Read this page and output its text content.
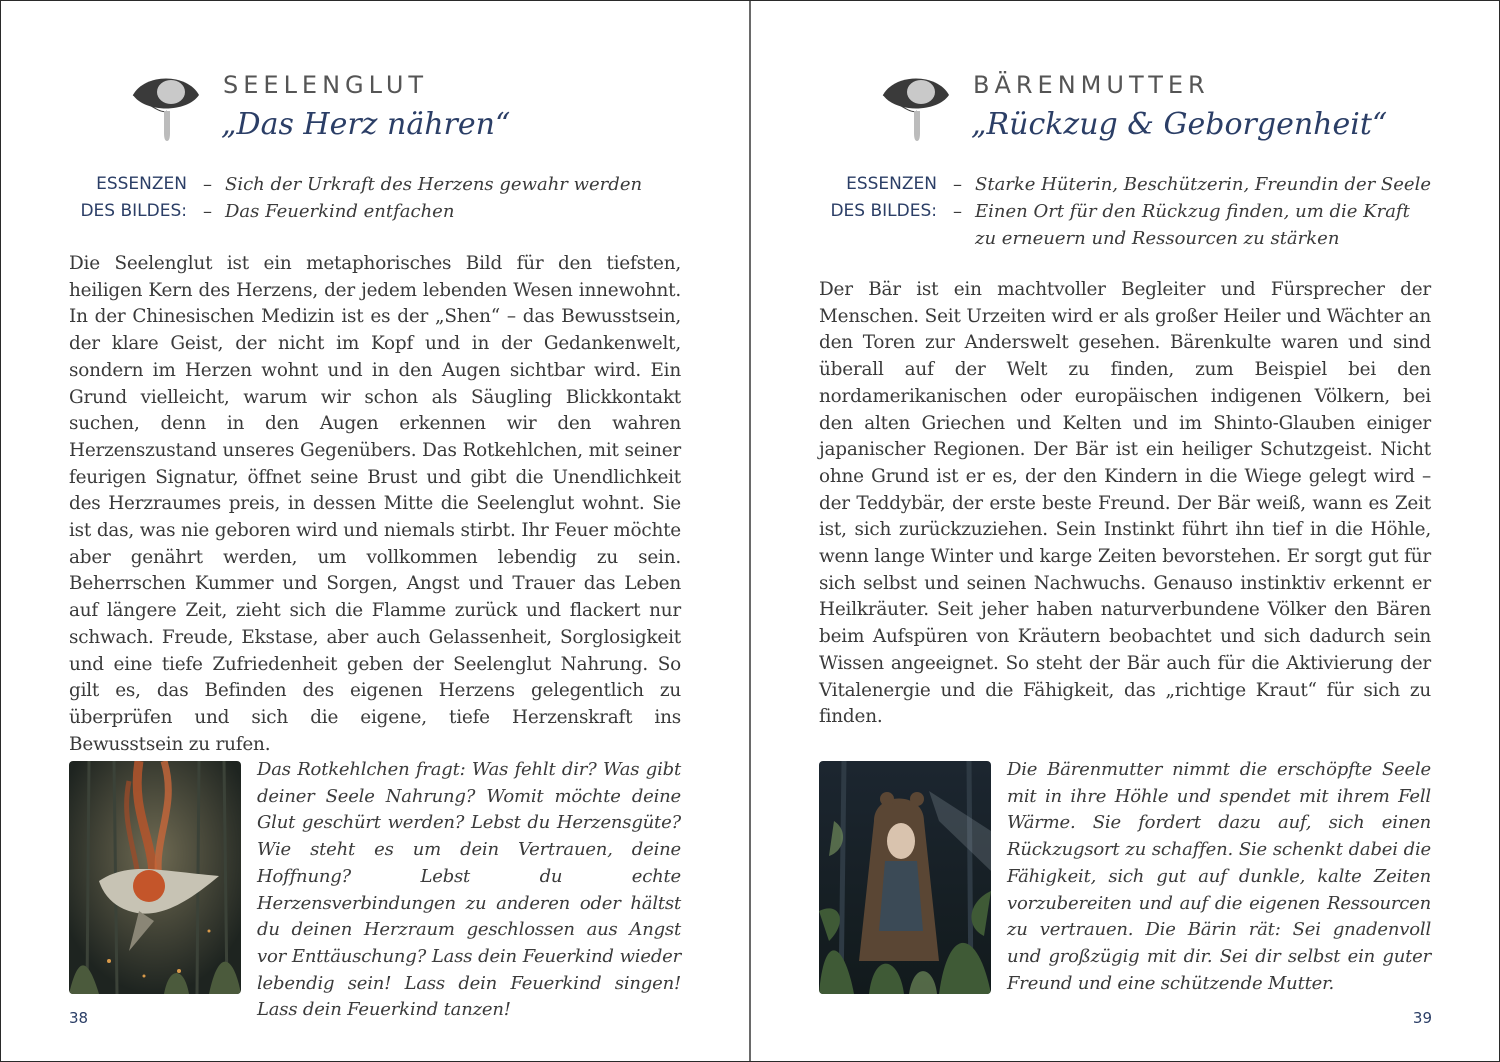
SEELENGLUT
„Das Herz nähren“
ESSENZEN
DES BILDES:
– Sich der Urkraft des Herzens gewahr werden
– Das Feuerkind entfachen

Die Seelenglut ist ein metaphorisches Bild für den tiefsten, heiligen Kern des Herzens, der jedem lebenden Wesen innewohnt. In der Chinesischen Medizin ist es der „Shen“ – das Bewusstsein, der klare Geist, der nicht im Kopf und in der Gedankenwelt, sondern im Herzen wohnt und in den Augen sichtbar wird. Ein Grund vielleicht, warum wir schon als Säugling Blickkontakt suchen, denn in den Augen erkennen wir den wahren Herzenszustand unseres Gegenübers. Das Rotkehlchen, mit seiner feurigen Signatur, öffnet seine Brust und gibt die Unendlichkeit des Herzraumes preis, in dessen Mitte die Seelenglut wohnt. Sie ist das, was nie geboren wird und niemals stirbt. Ihr Feuer möchte aber genährt werden, um vollkommen lebendig zu sein. Beherrschen Kummer und Sorgen, Angst und Trauer das Leben auf längere Zeit, zieht sich die Flamme zurück und flackert nur schwach. Freude, Ekstase, aber auch Gelassenheit, Sorglosigkeit und eine tiefe Zufriedenheit geben der Seelenglut Nahrung. So gilt es, das Befinden des eigenen Herzens gelegentlich zu überprüfen und sich die eigene, tiefe Herzenskraft ins Bewusstsein zu rufen.

Das Rotkehlchen fragt: Was fehlt dir? Was gibt deiner Seele Nahrung? Womit möchte deine Glut geschürt werden? Lebst du Herzensgüte? Wie steht es um dein Vertrauen, deine Hoffnung? Lebst du echte Herzensverbindungen zu anderen oder hältst du deinen Herzraum geschlossen aus Angst vor Enttäuschung? Lass dein Feuerkind wieder lebendig sein! Lass dein Feuerkind singen! Lass dein Feuerkind tanzen!

38
BÄRENMUTTER
„Rückzug & Geborgenheit“
ESSENZEN
DES BILDES:
– Starke Hüterin, Beschützerin, Freundin der Seele
– Einen Ort für den Rückzug finden, um die Kraft zu erneuern und Ressourcen zu stärken

Der Bär ist ein machtvoller Begleiter und Fürsprecher der Menschen. Seit Urzeiten wird er als großer Heiler und Wächter an den Toren zur Anderswelt gesehen. Bärenkulte waren und sind überall auf der Welt zu finden, zum Beispiel bei den nordamerikanischen oder europäischen indigenen Völkern, bei den alten Griechen und Kelten und im Shinto-Glauben einiger japanischer Regionen. Der Bär ist ein heiliger Schutzgeist. Nicht ohne Grund ist er es, der den Kindern in die Wiege gelegt wird – der Teddybär, der erste beste Freund. Der Bär weiß, wann es Zeit ist, sich zurückzuziehen. Sein Instinkt führt ihn tief in die Höhle, wenn lange Winter und karge Zeiten bevorstehen. Er sorgt gut für sich selbst und seinen Nachwuchs. Genauso instinktiv erkennt er Heilkräuter. Seit jeher haben naturverbundene Völker den Bären beim Aufspüren von Kräutern beobachtet und sich dadurch sein Wissen angeeignet. So steht der Bär auch für die Aktivierung der Vitalenergie und die Fähigkeit, das „richtige Kraut“ für sich zu finden.

Die Bärenmutter nimmt die erschöpfte Seele mit in ihre Höhle und spendet mit ihrem Fell Wärme. Sie fordert dazu auf, sich einen Rückzugsort zu schaffen. Sie schenkt dabei die Fähigkeit, sich gut auf dunkle, kalte Zeiten vorzubereiten und auf die eigenen Ressourcen zu vertrauen. Die Bärin rät: Sei gnadenvoll und großzügig mit dir. Sei dir selbst ein guter Freund und eine schützende Mutter.

39
